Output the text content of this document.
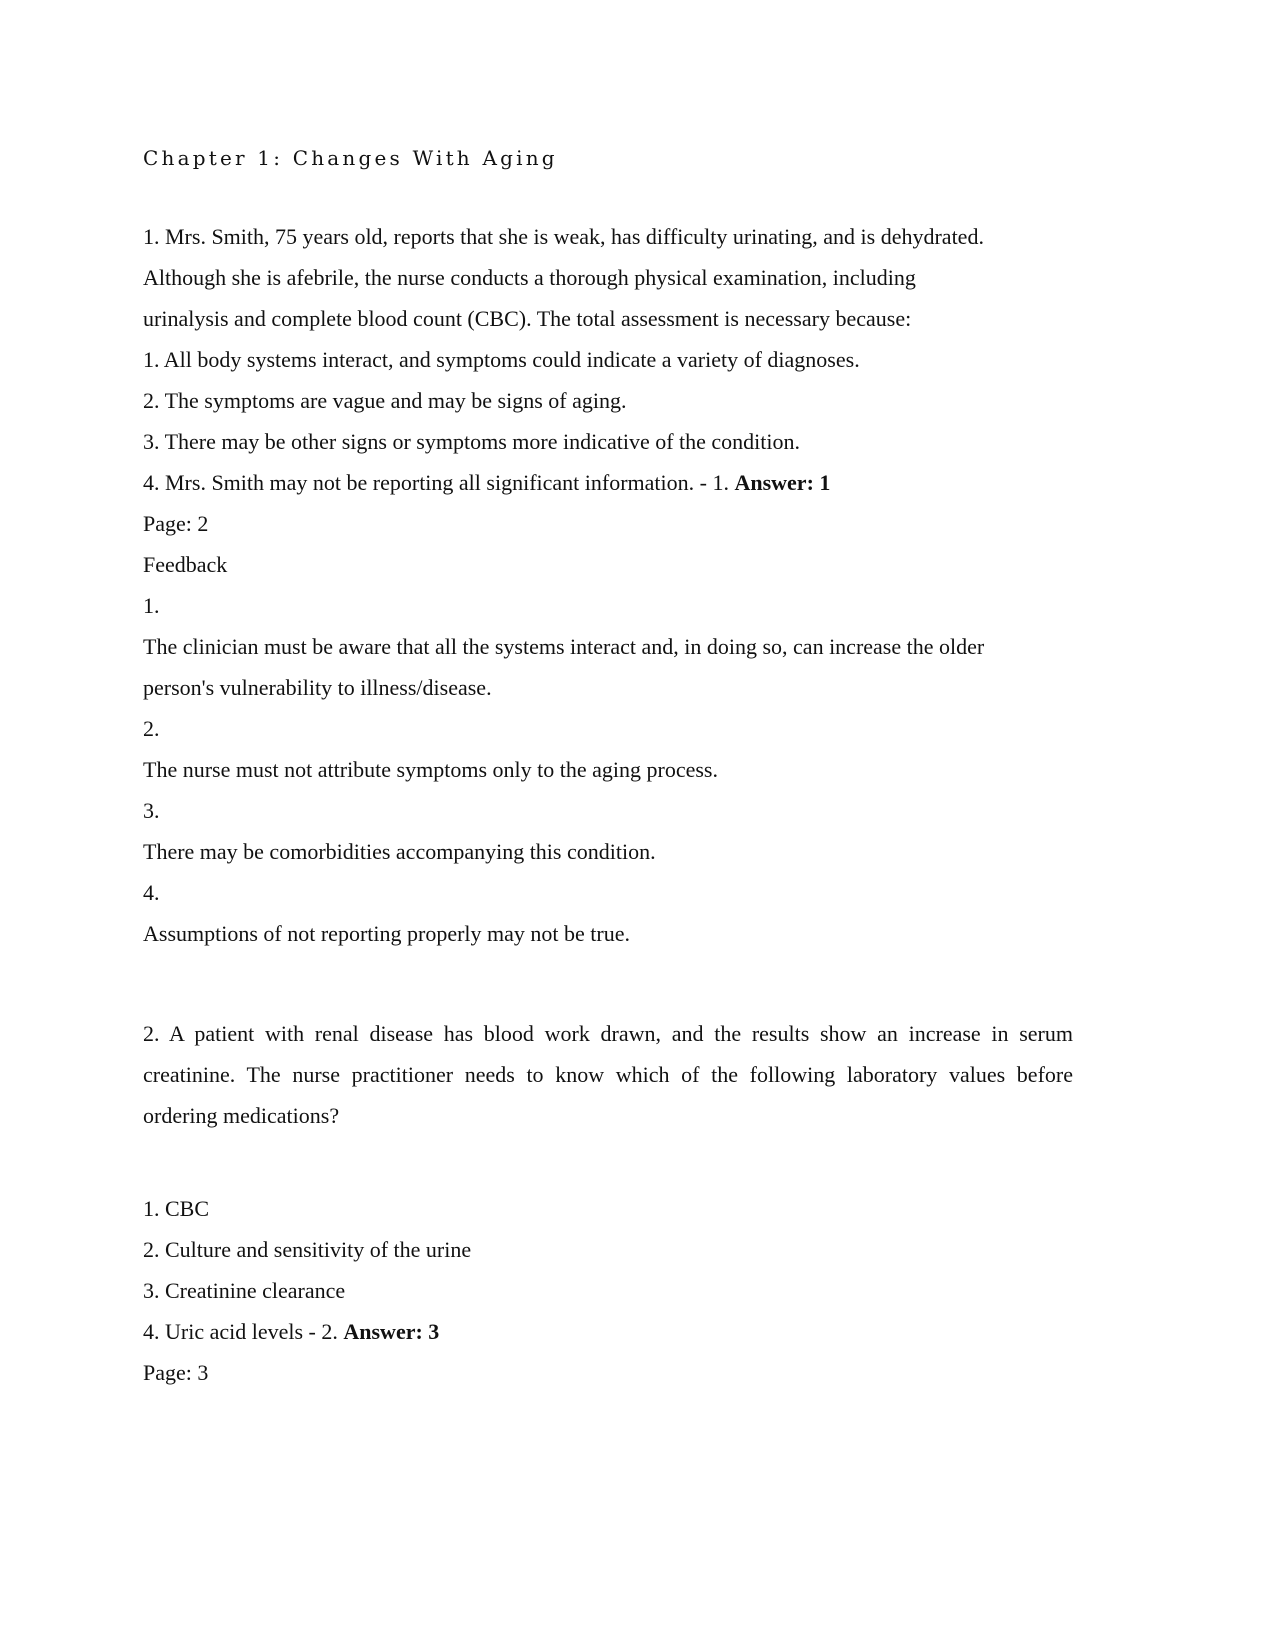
Chapter 1: Changes With Aging
1. Mrs. Smith, 75 years old, reports that she is weak, has difficulty urinating, and is dehydrated.
Although she is afebrile, the nurse conducts a thorough physical examination, including
urinalysis and complete blood count (CBC). The total assessment is necessary because:
1. All body systems interact, and symptoms could indicate a variety of diagnoses.
2. The symptoms are vague and may be signs of aging.
3. There may be other signs or symptoms more indicative of the condition.
4. Mrs. Smith may not be reporting all significant information. - 1. Answer: 1
Page: 2
Feedback
1.
The clinician must be aware that all the systems interact and, in doing so, can increase the older
person's vulnerability to illness/disease.
2.
The nurse must not attribute symptoms only to the aging process.
3.
There may be comorbidities accompanying this condition.
4.
Assumptions of not reporting properly may not be true.
2. A patient with renal disease has blood work drawn, and the results show an increase in serum
creatinine. The nurse practitioner needs to know which of the following laboratory values before
ordering medications?
1. CBC
2. Culture and sensitivity of the urine
3. Creatinine clearance
4. Uric acid levels - 2. Answer: 3
Page: 3
